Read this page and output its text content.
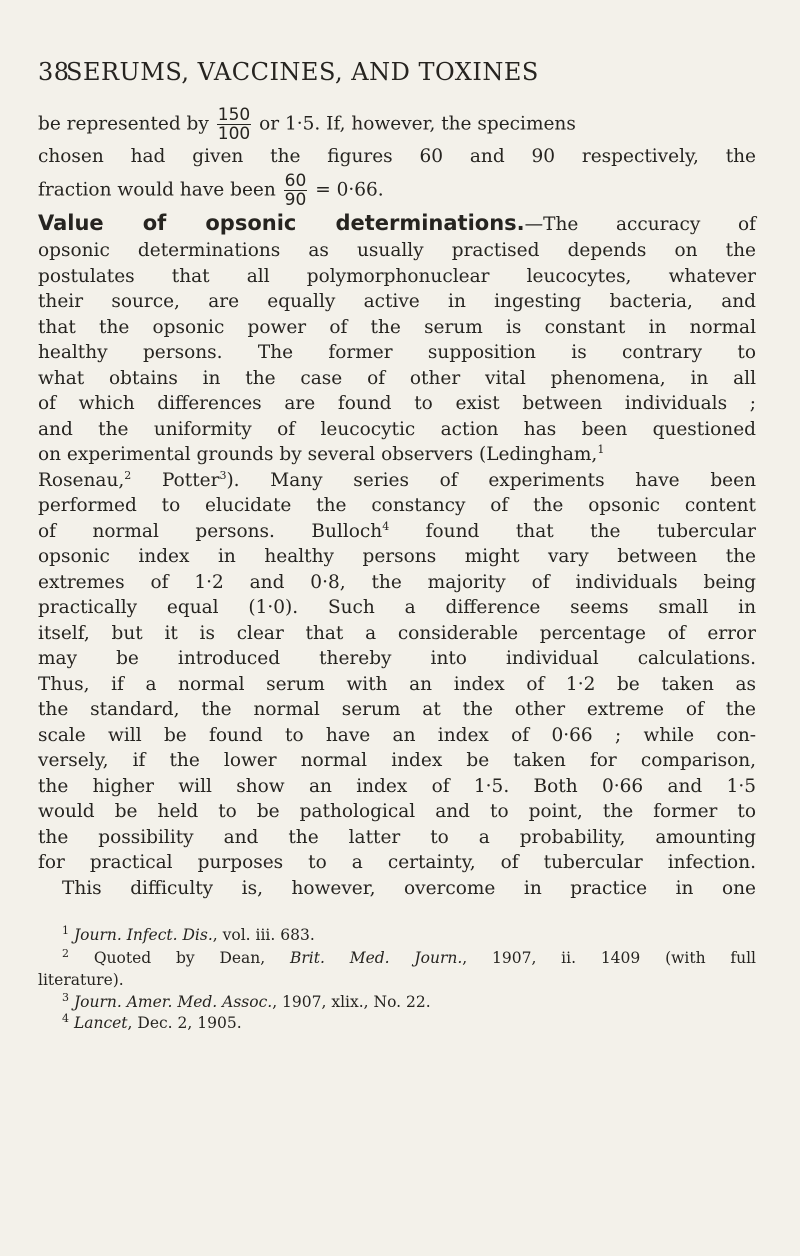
38
SERUMS, VACCINES, AND TOXINES
be represented by $\frac{150}{100}$ or 1·5. If, however, the specimens
chosen had given the figures 60 and 90 respectively, the
fraction would have been $\frac{60}{90} = 0\cdot 66$.
Value of opsonic determinations.—The accuracy of
opsonic determinations as usually practised depends on the
postulates that all polymorphonuclear leucocytes, whatever
their source, are equally active in ingesting bacteria, and
that the opsonic power of the serum is constant in normal
healthy persons. The former supposition is contrary to
what obtains in the case of other vital phenomena, in all
of which differences are found to exist between individuals ;
and the uniformity of leucocytic action has been questioned
on experimental grounds by several observers (Ledingham,$^1$
Rosenau,$^2$ Potter$^3$). Many series of experiments have been
performed to elucidate the constancy of the opsonic content
of normal persons. Bulloch$^4$ found that the tubercular
opsonic index in healthy persons might vary between the
extremes of 1·2 and 0·8, the majority of individuals being
practically equal (1·0). Such a difference seems small in
itself, but it is clear that a considerable percentage of error
may be introduced thereby into individual calculations.
Thus, if a normal serum with an index of 1·2 be taken as
the standard, the normal serum at the other extreme of the
scale will be found to have an index of 0·66 ; while con-
versely, if the lower normal index be taken for comparison,
the higher will show an index of 1·5. Both 0·66 and 1·5
would be held to be pathological and to point, the former to
the possibility and the latter to a probability, amounting
for practical purposes to a certainty, of tubercular infection.
This difficulty is, however, overcome in practice in one
$^1$ Journ. Infect. Dis., vol. iii. 683.
$^2$ Quoted by Dean, Brit. Med. Journ., 1907, ii. 1409 (with full
literature).
$^3$ Journ. Amer. Med. Assoc., 1907, xlix., No. 22.
$^4$ Lancet, Dec. 2, 1905.
